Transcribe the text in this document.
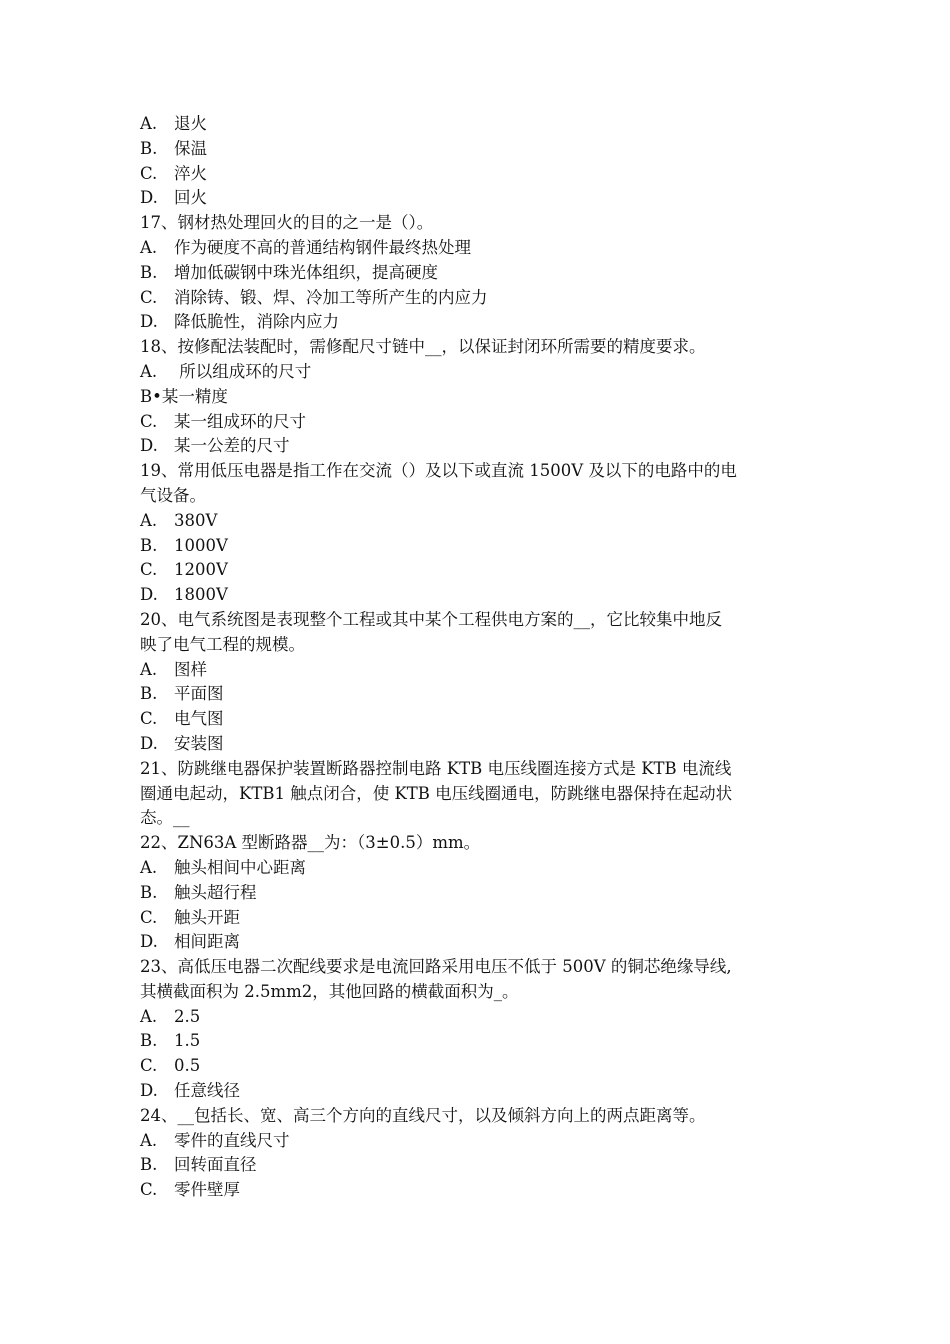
A. 退火
B. 保温
C. 淬火
D. 回火
17、钢材热处理回火的目的之一是（）。
A. 作为硬度不高的普通结构钢件最终热处理
B. 增加低碳钢中珠光体组织，提高硬度
C. 消除铸、锻、焊、冷加工等所产生的内应力
D. 降低脆性，消除内应力
18、按修配法装配时，需修配尺寸链中__，以保证封闭环所需要的精度要求。
A. 所以组成环的尺寸
B•某一精度
C. 某一组成环的尺寸
D. 某一公差的尺寸
19、常用低压电器是指工作在交流（）及以下或直流 1500V 及以下的电路中的电
气设备。
A. 380V
B. 1000V
C. 1200V
D. 1800V
20、电气系统图是表现整个工程或其中某个工程供电方案的__，它比较集中地反
映了电气工程的规模。
A. 图样
B. 平面图
C. 电气图
D. 安装图
21、防跳继电器保护装置断路器控制电路 KTB 电压线圈连接方式是 KTB 电流线
圈通电起动，KTB1 触点闭合，使 KTB 电压线圈通电，防跳继电器保持在起动状
态。__
22、ZN63A 型断路器__为：（3±0.5）mm。
A. 触头相间中心距离
B. 触头超行程
C. 触头开距
D. 相间距离
23、高低压电器二次配线要求是电流回路采用电压不低于 500V 的铜芯绝缘导线,
其横截面积为 2.5mm2，其他回路的横截面积为_。
A. 2.5
B. 1.5
C. 0.5
D. 任意线径
24、__包括长、宽、高三个方向的直线尺寸，以及倾斜方向上的两点距离等。
A. 零件的直线尺寸
B. 回转面直径
C. 零件壁厚
